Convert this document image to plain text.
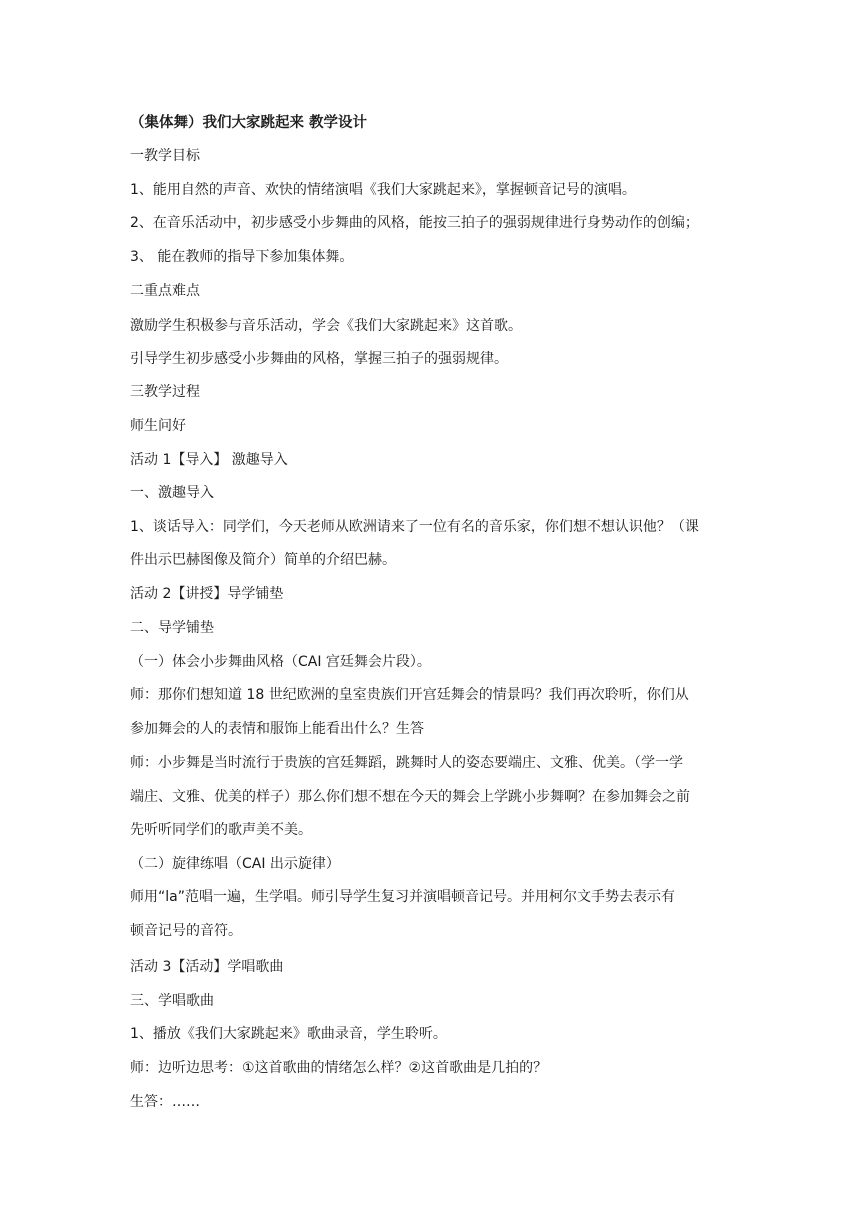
（集体舞）我们大家跳起来 教学设计
一教学目标
1、能用自然的声音、欢快的情绪演唱《我们大家跳起来》，掌握顿音记号的演唱。
2、在音乐活动中，初步感受小步舞曲的风格，能按三拍子的强弱规律进行身势动作的创编；
3、 能在教师的指导下参加集体舞。
二重点难点
激励学生积极参与音乐活动，学会《我们大家跳起来》这首歌。
引导学生初步感受小步舞曲的风格，掌握三拍子的强弱规律。
三教学过程
师生问好
活动 1【导入】 激趣导入
一、激趣导入
1、谈话导入：同学们，今天老师从欧洲请来了一位有名的音乐家，你们想不想认识他？（课
件出示巴赫图像及简介）简单的介绍巴赫。
活动 2【讲授】导学铺垫
二、导学铺垫
（一）体会小步舞曲风格（CAI 宫廷舞会片段）。
师：那你们想知道 18 世纪欧洲的皇室贵族们开宫廷舞会的情景吗？我们再次聆听，你们从
参加舞会的人的表情和服饰上能看出什么？生答
师：小步舞是当时流行于贵族的宫廷舞蹈，跳舞时人的姿态要端庄、文雅、优美。（学一学
端庄、文雅、优美的样子）那么你们想不想在今天的舞会上学跳小步舞啊？在参加舞会之前
先听听同学们的歌声美不美。
（二）旋律练唱（CAI 出示旋律）
师用“la”范唱一遍，生学唱。师引导学生复习并演唱顿音记号。并用柯尔文手势去表示有
顿音记号的音符。
活动 3【活动】学唱歌曲
三、学唱歌曲
1、播放《我们大家跳起来》歌曲录音，学生聆听。
师：边听边思考：①这首歌曲的情绪怎么样？②这首歌曲是几拍的？
生答：……
